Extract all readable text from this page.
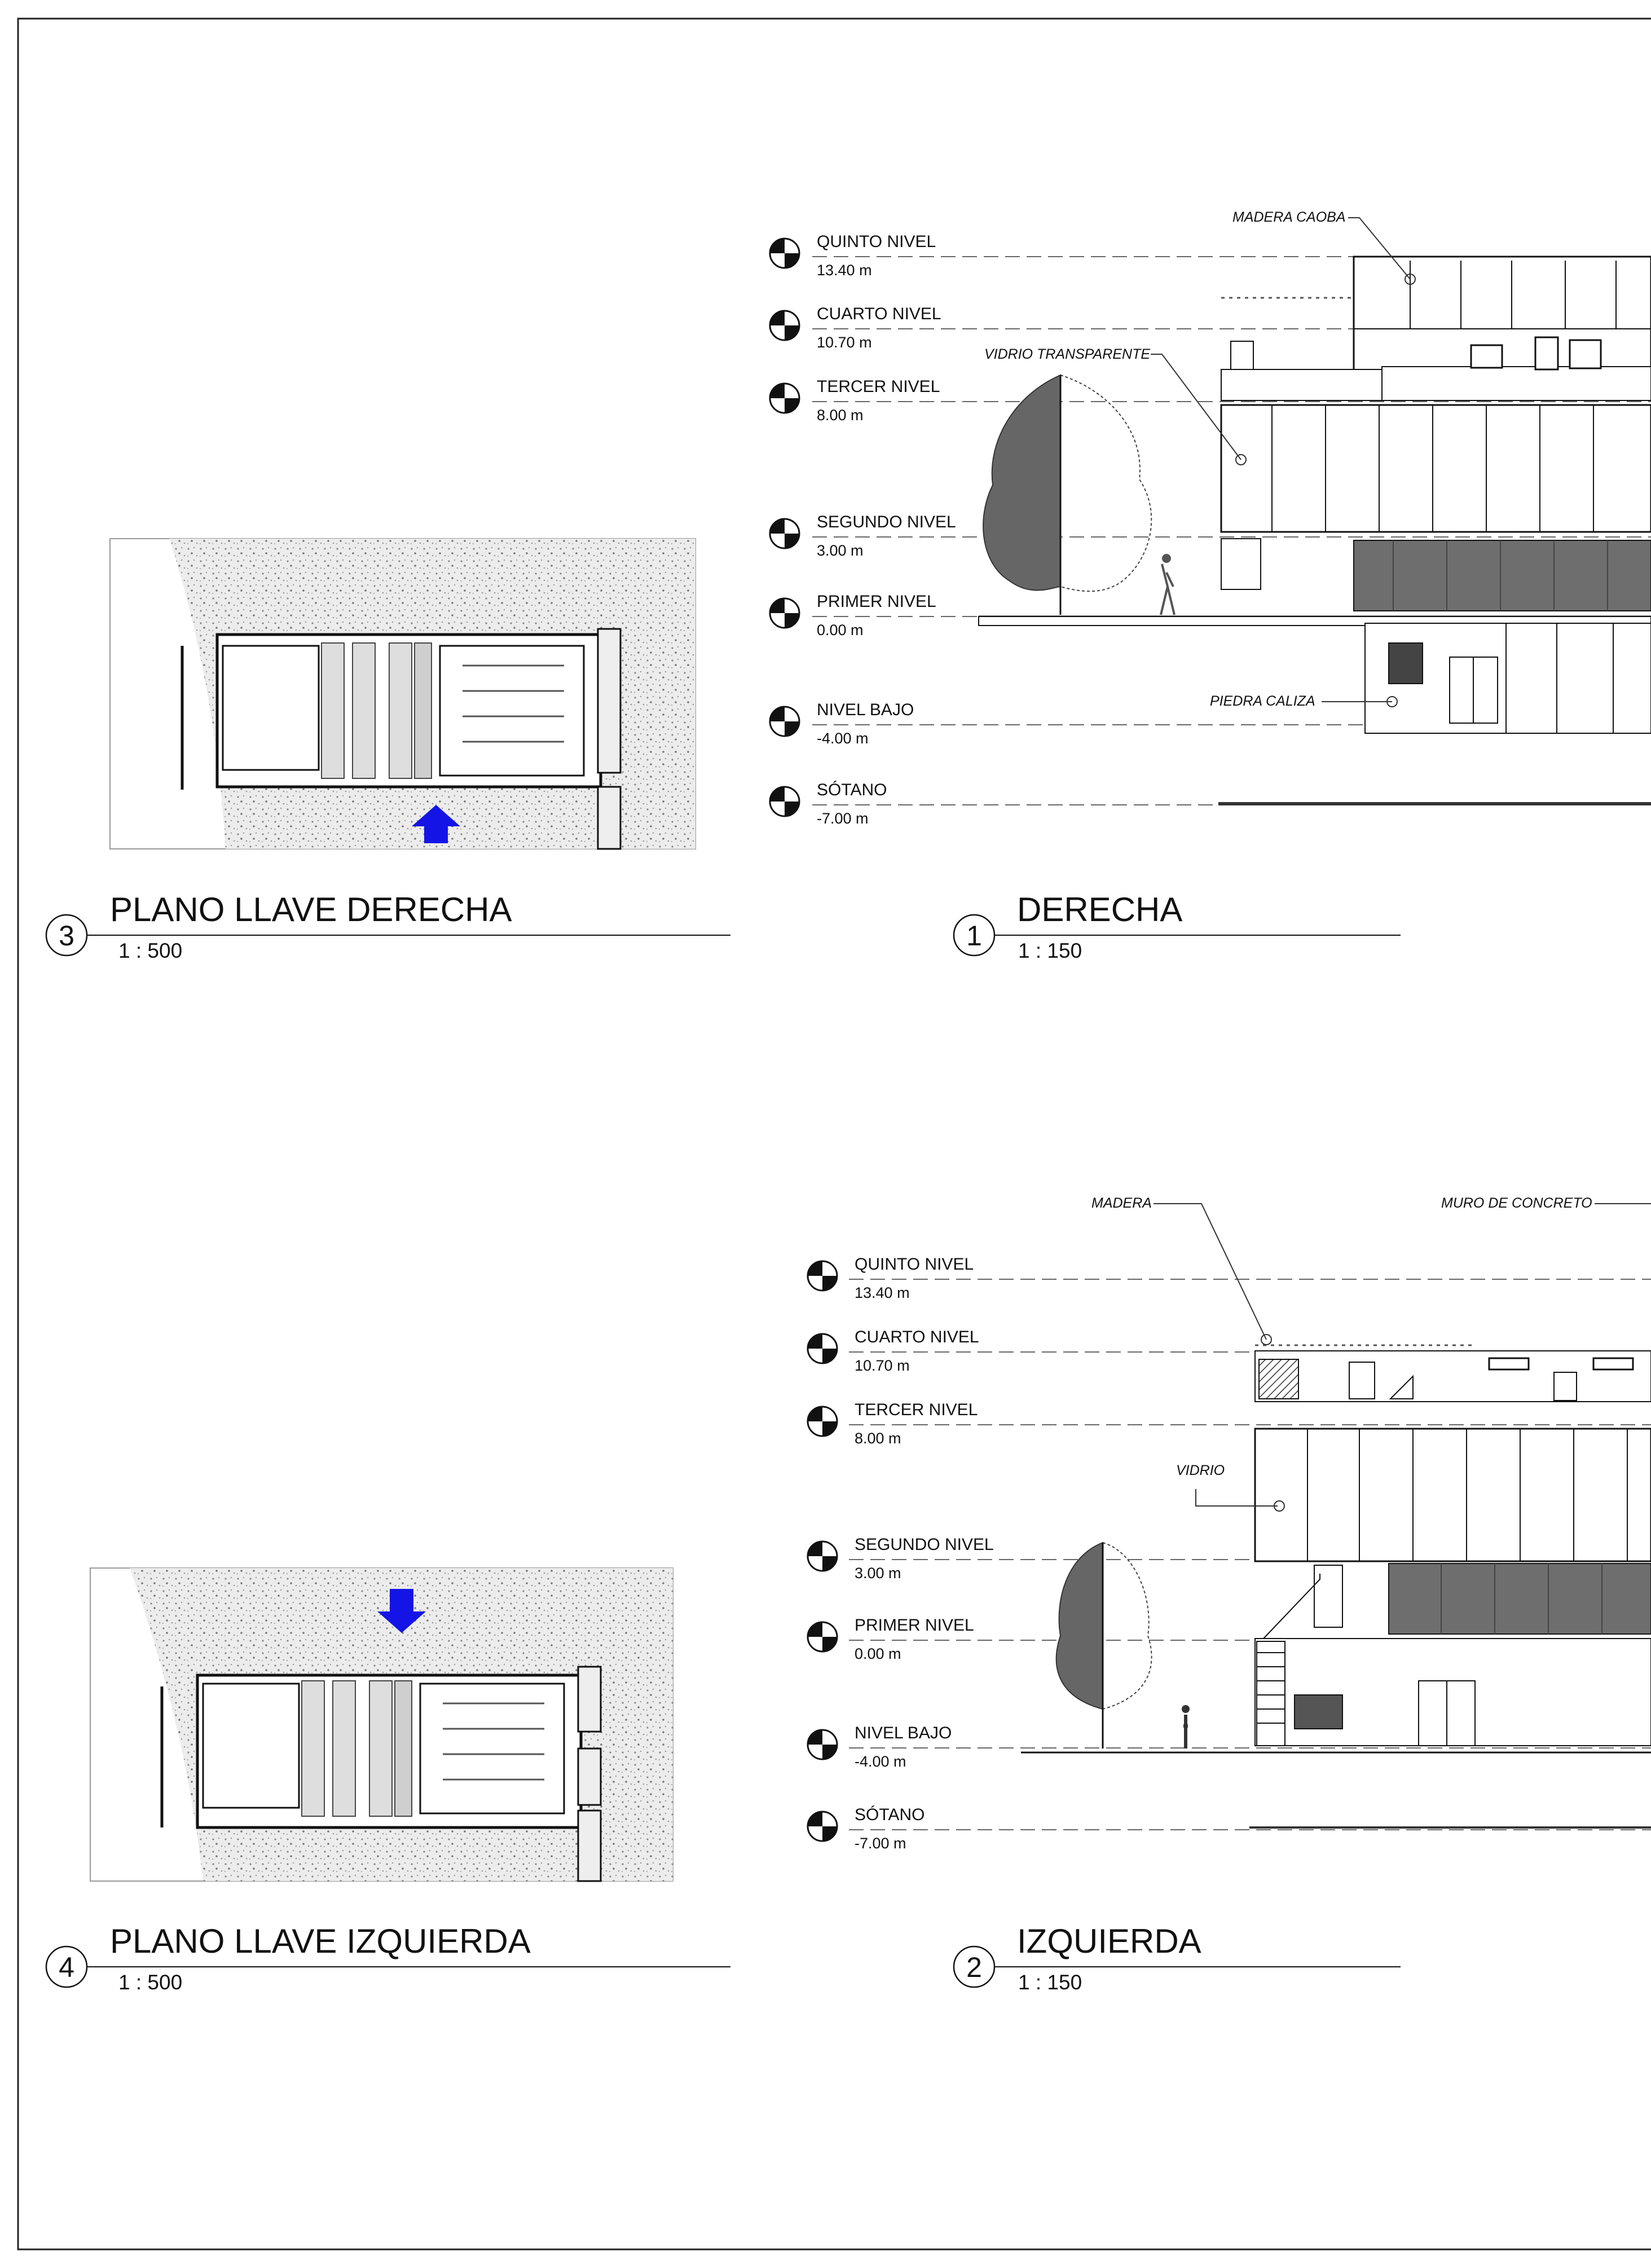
3
PLANO LLAVE DERECHA
1 : 500
QUINTO NIVEL
13.40 m
CUARTO NIVEL
10.70 m
TERCER NIVEL
8.00 m
SEGUNDO NIVEL
3.00 m
PRIMER NIVEL
0.00 m
NIVEL BAJO
-4.00 m
SÓTANO
-7.00 m
MADERA CAOBA
VIDRIO TRANSPARENTE
PIEDRA CALIZA
1
DERECHA
1 : 150
4
PLANO LLAVE IZQUIERDA
1 : 500
QUINTO NIVEL
13.40 m
CUARTO NIVEL
10.70 m
TERCER NIVEL
8.00 m
SEGUNDO NIVEL
3.00 m
PRIMER NIVEL
0.00 m
NIVEL BAJO
-4.00 m
SÓTANO
-7.00 m
MADERA	MURO DE CONCRETO
VIDRIO
2
IZQUIERDA
1 : 150
